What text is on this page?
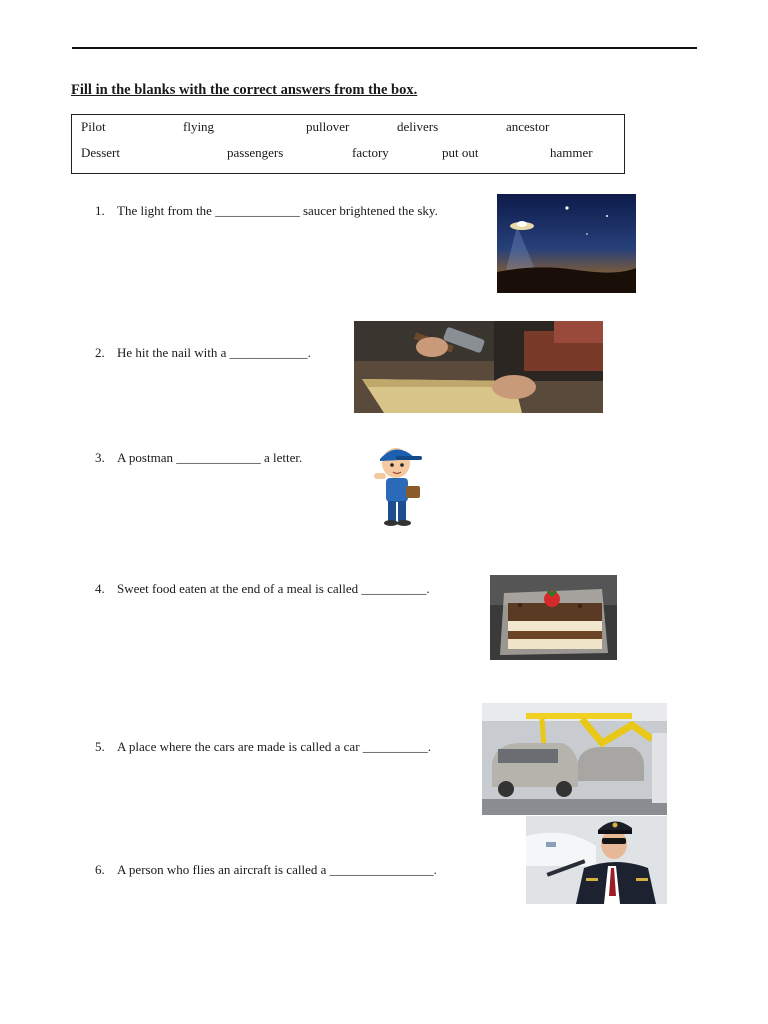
Fill in the blanks with the correct answers from the box.
Pilot	flying	pullover	delivers	ancestor
Dessert	passengers	factory	put out	hammer
1. The light from the _____________ saucer brightened the sky.
2. He hit the nail with a ____________.
3. A postman _____________ a letter.
4. Sweet food eaten at the end of a meal is called __________.
5. A place where the cars are made is called a car __________.
6. A person who flies an aircraft is called a ________________.
